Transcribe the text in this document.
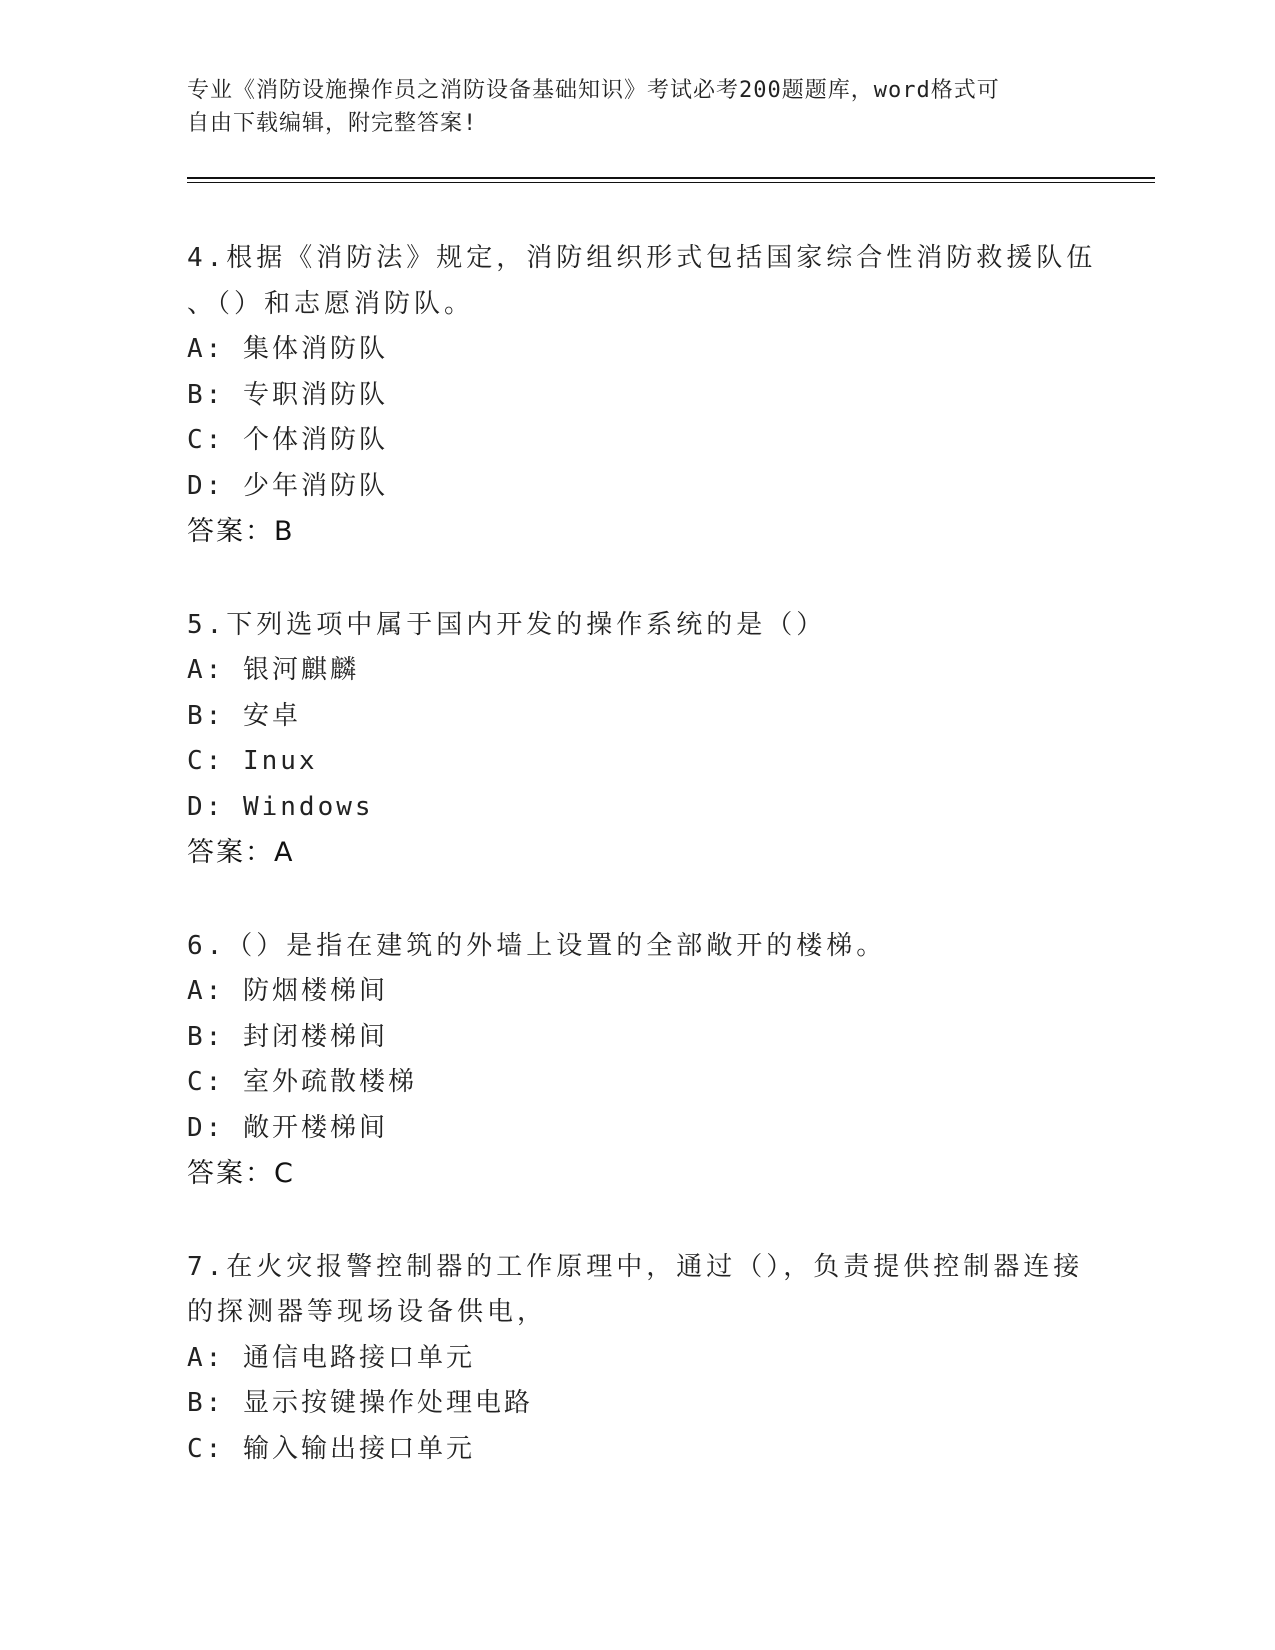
专业《消防设施操作员之消防设备基础知识》考试必考200题题库，word格式可
自由下载编辑，附完整答案!
4.根据《消防法》规定，消防组织形式包括国家综合性消防救援队伍
、（）和志愿消防队。
A: 集体消防队
B: 专职消防队
C: 个体消防队
D: 少年消防队
答案：B
5.下列选项中属于国内开发的操作系统的是（）
A: 银河麒麟
B: 安卓
C: Inux
D: Windows
答案：A
6.（）是指在建筑的外墙上设置的全部敞开的楼梯。
A: 防烟楼梯间
B: 封闭楼梯间
C: 室外疏散楼梯
D: 敞开楼梯间
答案：C
7.在火灾报警控制器的工作原理中，通过（），负责提供控制器连接
的探测器等现场设备供电，
A: 通信电路接口单元
B: 显示按键操作处理电路
C: 输入输出接口单元
